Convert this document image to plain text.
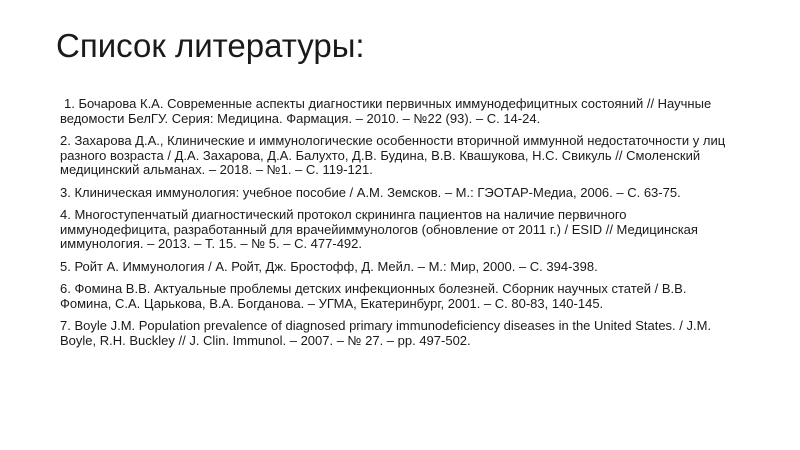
Список литературы:
1. Бочарова К.А. Современные аспекты диагностики первичных иммунодефицитных состояний // Научные ведомости БелГУ. Серия: Медицина. Фармация. – 2010. – №22 (93). – С. 14-24.
2. Захарова Д.А., Клинические и иммунологические особенности вторичной иммунной недостаточности у лиц разного возраста / Д.А. Захарова, Д.А. Балухто, Д.В. Будина, В.В. Квашукова, Н.С. Свикуль // Смоленский медицинский альманах. – 2018. – №1. – С. 119-121.
3. Клиническая иммунология: учебное пособие / А.М. Земсков. – М.: ГЭОТАР-Медиа, 2006. – С. 63-75.
4. Многоступенчатый диагностический протокол скрининга пациентов на наличие первичного иммунодефицита, разработанный для врачейиммунологов (обновление от 2011 г.) / ESID // Медицинская иммунология. – 2013. – Т. 15. – № 5. – С. 477-492.
5. Ройт А. Иммунология / А. Ройт, Дж. Бростофф, Д. Мейл. – М.: Мир, 2000. – С. 394-398.
6. Фомина В.В. Актуальные проблемы детских инфекционных болезней. Сборник научных статей / В.В. Фомина, С.А. Царькова, В.А. Богданова. – УГМА, Екатеринбург, 2001. – С. 80-83, 140-145.
7. Boyle J.M. Population prevalence of diagnosed primary immunodeficiency diseases in the United States. / J.M. Boyle, R.H. Buckley // J. Clin. Immunol. – 2007. – № 27. – pp. 497-502.
